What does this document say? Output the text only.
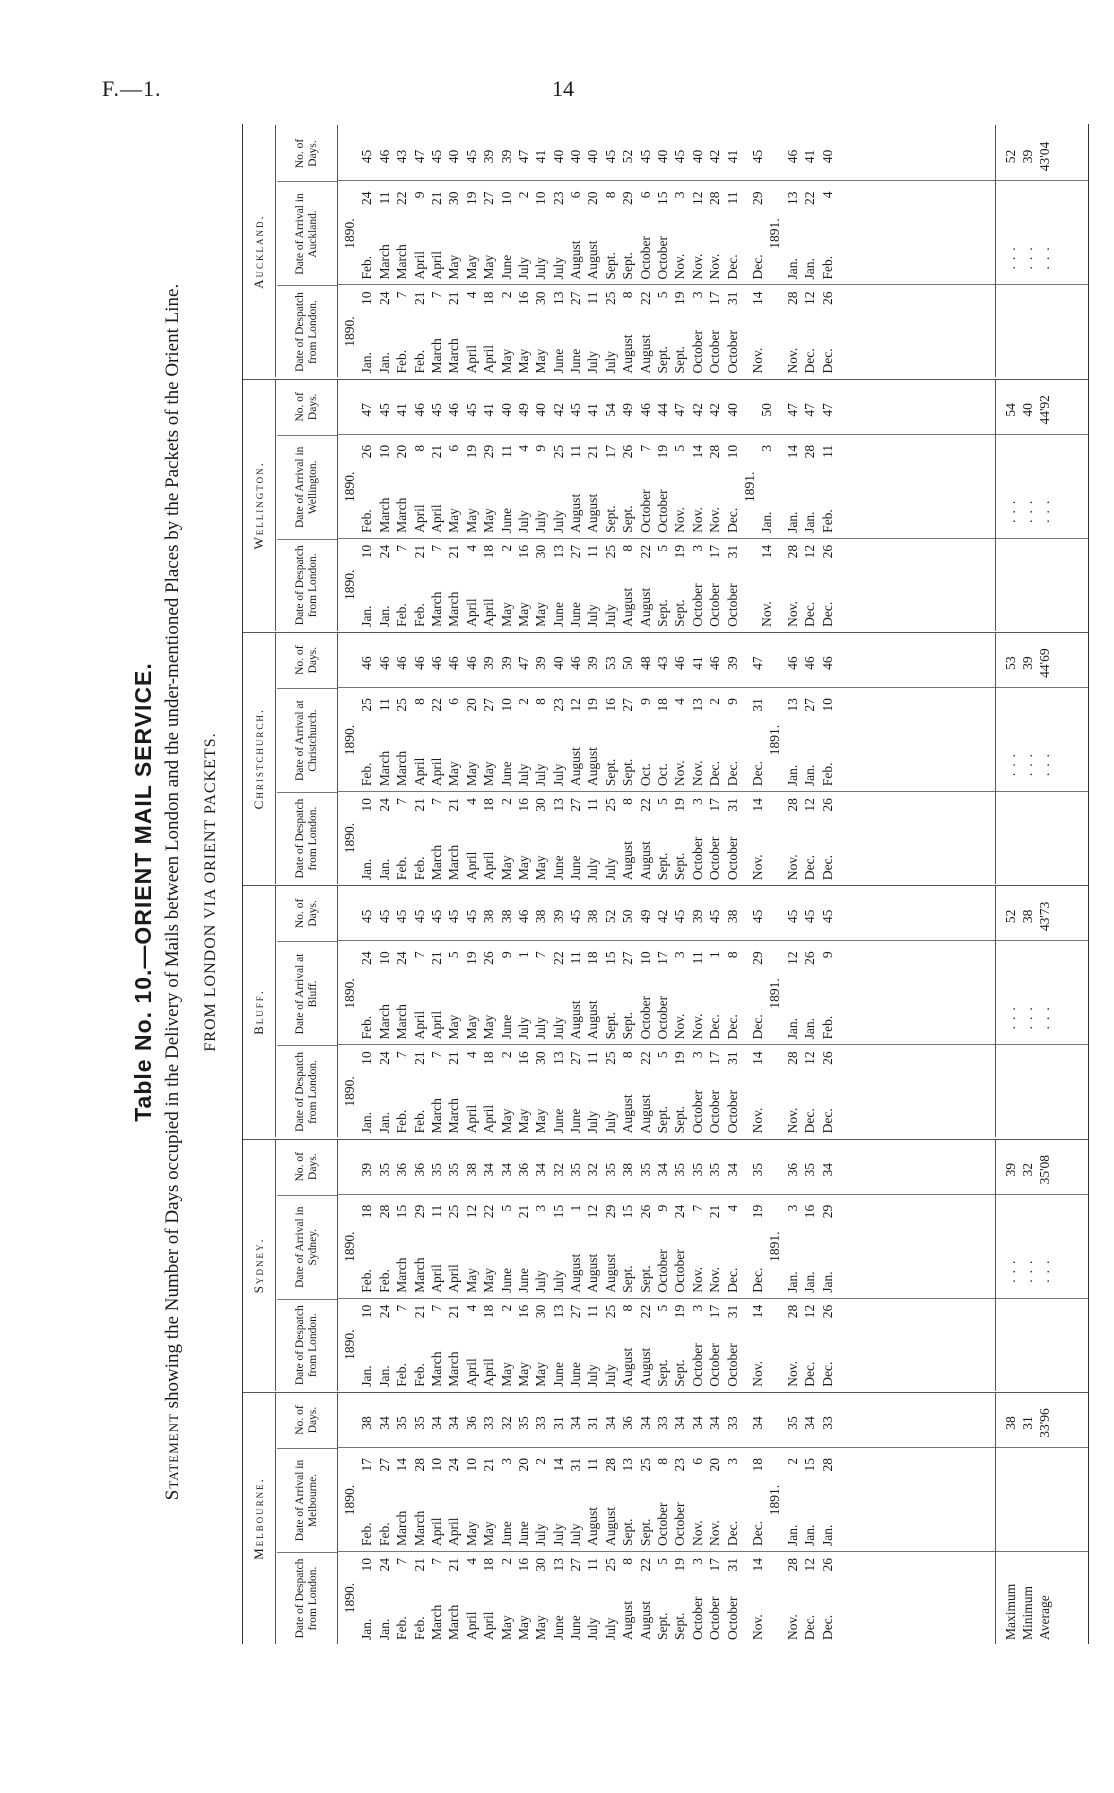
F.—1.	14
Table No. 10.—ORIENT MAIL SERVICE.
Statement showing the Number of Days occupied in the Delivery of Mails between London and the under-mentioned Places by the Packets of the Orient Line. FROM LONDON VIA ORIENT PACKETS.
Melbourne.
Date of Despatch from London.
Date of Arrival in Melbourne.
No. of Days.
1890.
1890.
Jan.
10
Feb.
17
38
Jan.
24
Feb.
27
34
Feb.
7
March
14
35
Feb.
21
March
28
35
March
7
April
10
34
March
21
April
24
34
April
4
May
10
36
April
18
May
21
33
May
2
June
3
32
May
16
June
20
35
May
30
July
2
33
June
13
July
14
31
June
27
July
31
34
July
11
August
11
31
July
25
August
28
34
August
8
Sept.
13
36
August
22
Sept.
25
34
Sept.
5
October
8
33
Sept.
19
October
23
34
October
3
Nov.
6
34
October
17
Nov.
20
34
October
31
Dec.
3
33
Nov.
14
Dec.
18
34
1891.
Nov.
28
Jan.
2
35
Dec.
12
Jan.
15
34
Dec.
26
Jan.
28
33
Maximum
38
Minimum
31
Average
33'96
Sydney.
Date of Despatch from London.
Date of Arrival in Sydney.
No. of Days.
1890.
1890.
Jan.
10
Feb.
18
39
Jan.
24
Feb.
28
35
Feb.
7
March
15
36
Feb.
21
March
29
36
March
7
April
11
35
March
21
April
25
35
April
4
May
12
38
April
18
May
22
34
May
2
June
5
34
May
16
June
21
36
May
30
July
3
34
June
13
July
15
32
June
27
August
1
35
July
11
August
12
32
July
25
August
29
35
August
8
Sept.
15
38
August
22
Sept.
26
35
Sept.
5
October
9
34
Sept.
19
October
24
35
October
3
Nov.
7
35
October
17
Nov.
21
35
October
31
Dec.
4
34
Nov.
14
Dec.
19
35
1891.
Nov.
28
Jan.
3
36
Dec.
12
Jan.
16
35
Dec.
26
Jan.
29
34
...
39
...
32
...
35'08
Bluff.
Date of Despatch from London.
Date of Arrival at Bluff.
No. of Days.
1890.
1890.
Jan.
10
Feb.
24
45
Jan.
24
March
10
45
Feb.
7
March
24
45
Feb.
21
April
7
45
March
7
April
21
45
March
21
May
5
45
April
4
May
19
45
April
18
May
26
38
May
2
June
9
38
May
16
July
1
46
May
30
July
7
38
June
13
July
22
39
June
27
August
11
45
July
11
August
18
38
July
25
Sept.
15
52
August
8
Sept.
27
50
August
22
October
10
49
Sept.
5
October
17
42
Sept.
19
Nov.
3
45
October
3
Nov.
11
39
October
17
Dec.
1
45
October
31
Dec.
8
38
Nov.
14
Dec.
29
45
1891.
Nov.
28
Jan.
12
45
Dec.
12
Jan.
26
45
Dec.
26
Feb.
9
45
...
52
...
38
...
43'73
Christchurch.
Date of Despatch from London.
Date of Arrival at Christchurch.
No. of Days.
1890.
1890.
Jan.
10
Feb.
25
46
Jan.
24
March
11
46
Feb.
7
March
25
46
Feb.
21
April
8
46
March
7
April
22
46
March
21
May
6
46
April
4
May
20
46
April
18
May
27
39
May
2
June
10
39
May
16
July
2
47
May
30
July
8
39
June
13
July
23
40
June
27
August
12
46
July
11
August
19
39
July
25
Sept.
16
53
August
8
Sept.
27
50
August
22
Oct.
9
48
Sept.
5
Oct.
18
43
Sept.
19
Nov.
4
46
October
3
Nov.
13
41
October
17
Dec.
2
46
October
31
Dec.
9
39
Nov.
14
Dec.
31
47
1891.
Nov.
28
Jan.
13
46
Dec.
12
Jan.
27
46
Dec.
26
Feb.
10
46
...
53
...
39
...
44'69
Wellington.
Date of Despatch from London.
Date of Arrival in Wellington.
No. of Days.
1890.
1890.
Jan.
10
Feb.
26
47
Jan.
24
March
10
45
Feb.
7
March
20
41
Feb.
21
April
8
46
March
7
April
21
45
March
21
May
6
46
April
4
May
19
45
April
18
May
29
41
May
2
June
11
40
May
16
July
4
49
May
30
July
9
40
June
13
July
25
42
June
27
August
11
45
July
11
August
21
41
July
25
Sept.
17
54
August
8
Sept.
26
49
August
22
October
7
46
Sept.
5
October
19
44
Sept.
19
Nov.
5
47
October
3
Nov.
14
42
October
17
Nov.
28
42
October
31
Dec.
10
40
1891.
Nov.
14
Jan.
3
50
Nov.
28
Jan.
14
47
Dec.
12
Jan.
28
47
Dec.
26
Feb.
11
47
...
54
...
40
...
44'92
Auckland.
Date of Despatch from London.
Date of Arrival in Auckland.
No. of Days.
1890.
1890.
Jan.
10
Feb.
24
45
Jan.
24
March
11
46
Feb.
7
March
22
43
Feb.
21
April
9
47
March
7
April
21
45
March
21
May
30
40
April
4
May
19
45
April
18
May
27
39
May
2
June
10
39
May
16
July
2
47
May
30
July
10
41
June
13
July
23
40
June
27
August
6
40
July
11
August
20
40
July
25
Sept.
8
45
August
8
Sept.
29
52
August
22
October
6
45
Sept.
5
October
15
40
Sept.
19
Nov.
3
45
October
3
Nov.
12
40
October
17
Nov.
28
42
October
31
Dec.
11
41
Nov.
14
Dec.
29
45
1891.
Nov.
28
Jan.
13
46
Dec.
12
Jan.
22
41
Dec.
26
Feb.
4
40
...
52
...
39
...
43'04
